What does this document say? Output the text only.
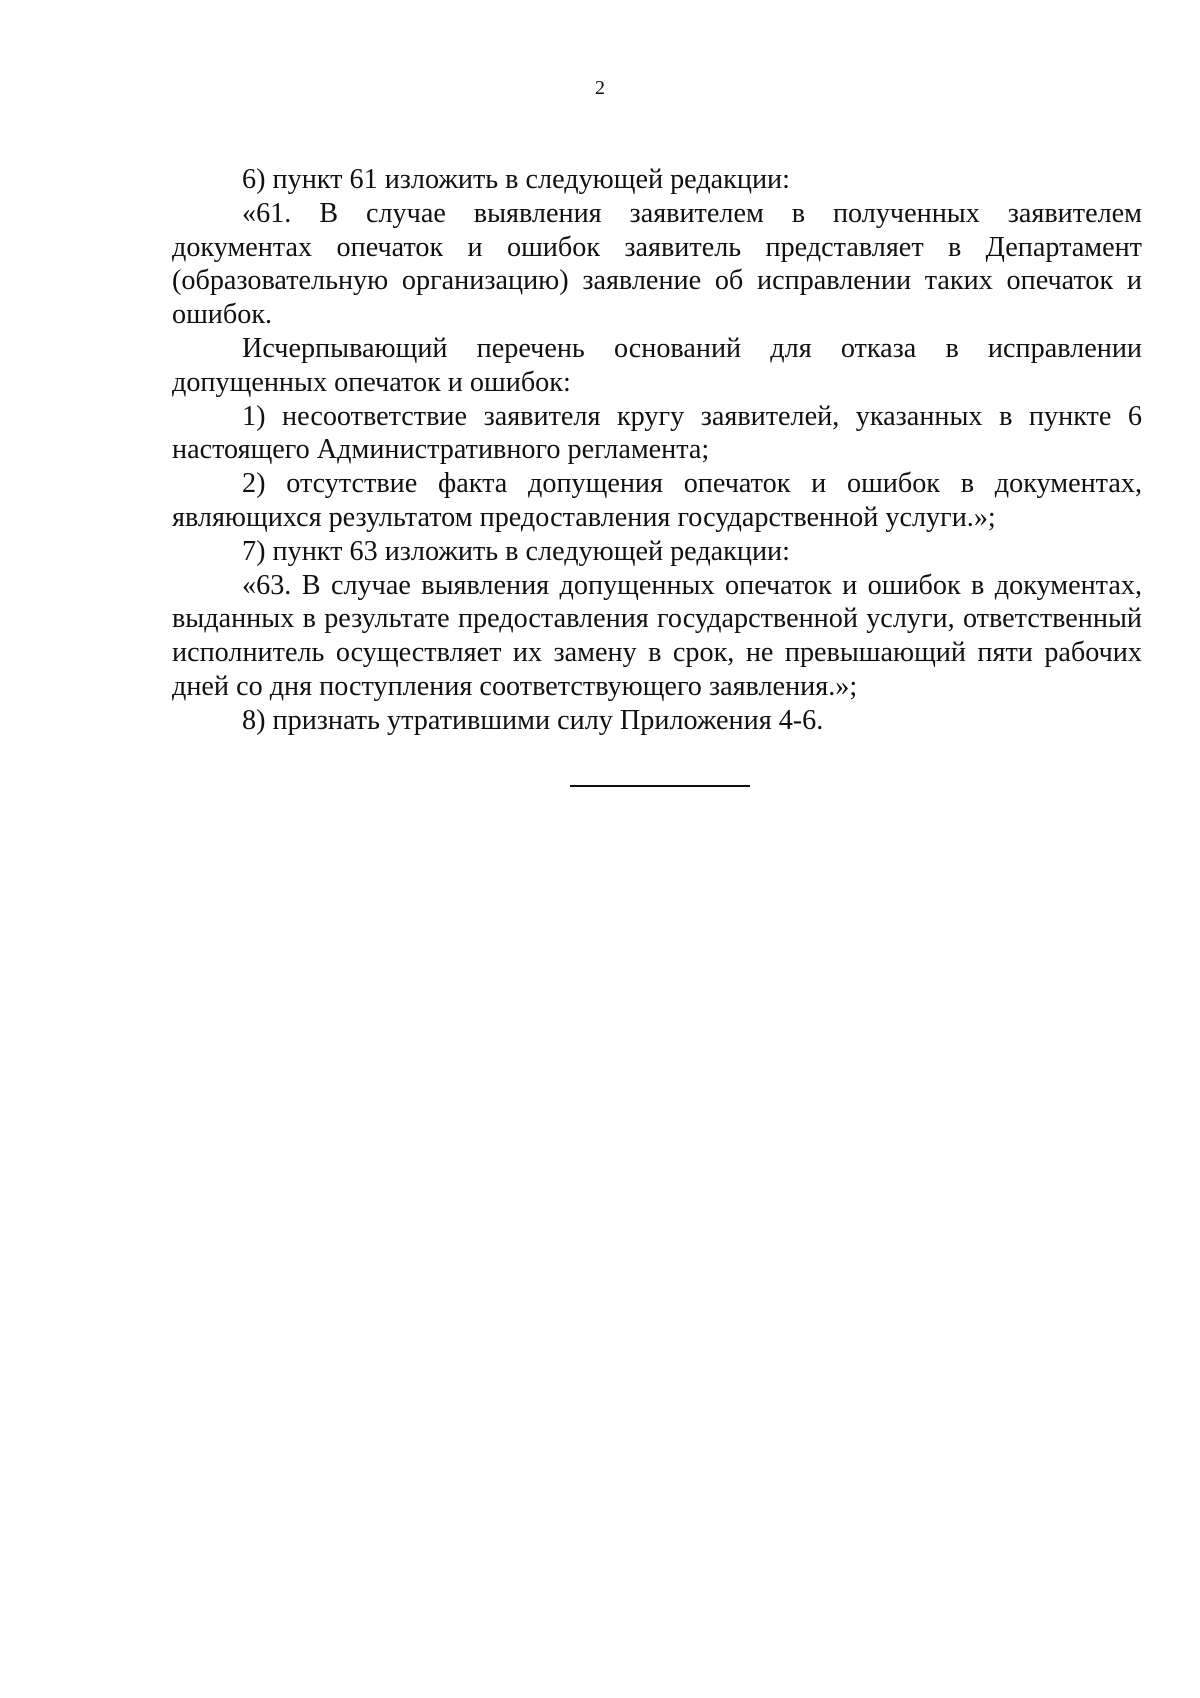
2

6) пункт 61 изложить в следующей редакции:

«61. В случае выявления заявителем в полученных заявителем документах опечаток и ошибок заявитель представляет в Департамент (образовательную организацию) заявление об исправлении таких опечаток и ошибок.

Исчерпывающий перечень оснований для отказа в исправлении допущенных опечаток и ошибок:

1) несоответствие заявителя кругу заявителей, указанных в пункте 6 настоящего Административного регламента;

2) отсутствие факта допущения опечаток и ошибок в документах, являющихся результатом предоставления государственной услуги.»;

7) пункт 63 изложить в следующей редакции:

«63. В случае выявления допущенных опечаток и ошибок в документах, выданных в результате предоставления государственной услуги, ответственный исполнитель осуществляет их замену в срок, не превышающий пяти рабочих дней со дня поступления соответствующего заявления.»;

8) признать утратившими силу Приложения 4-6.
